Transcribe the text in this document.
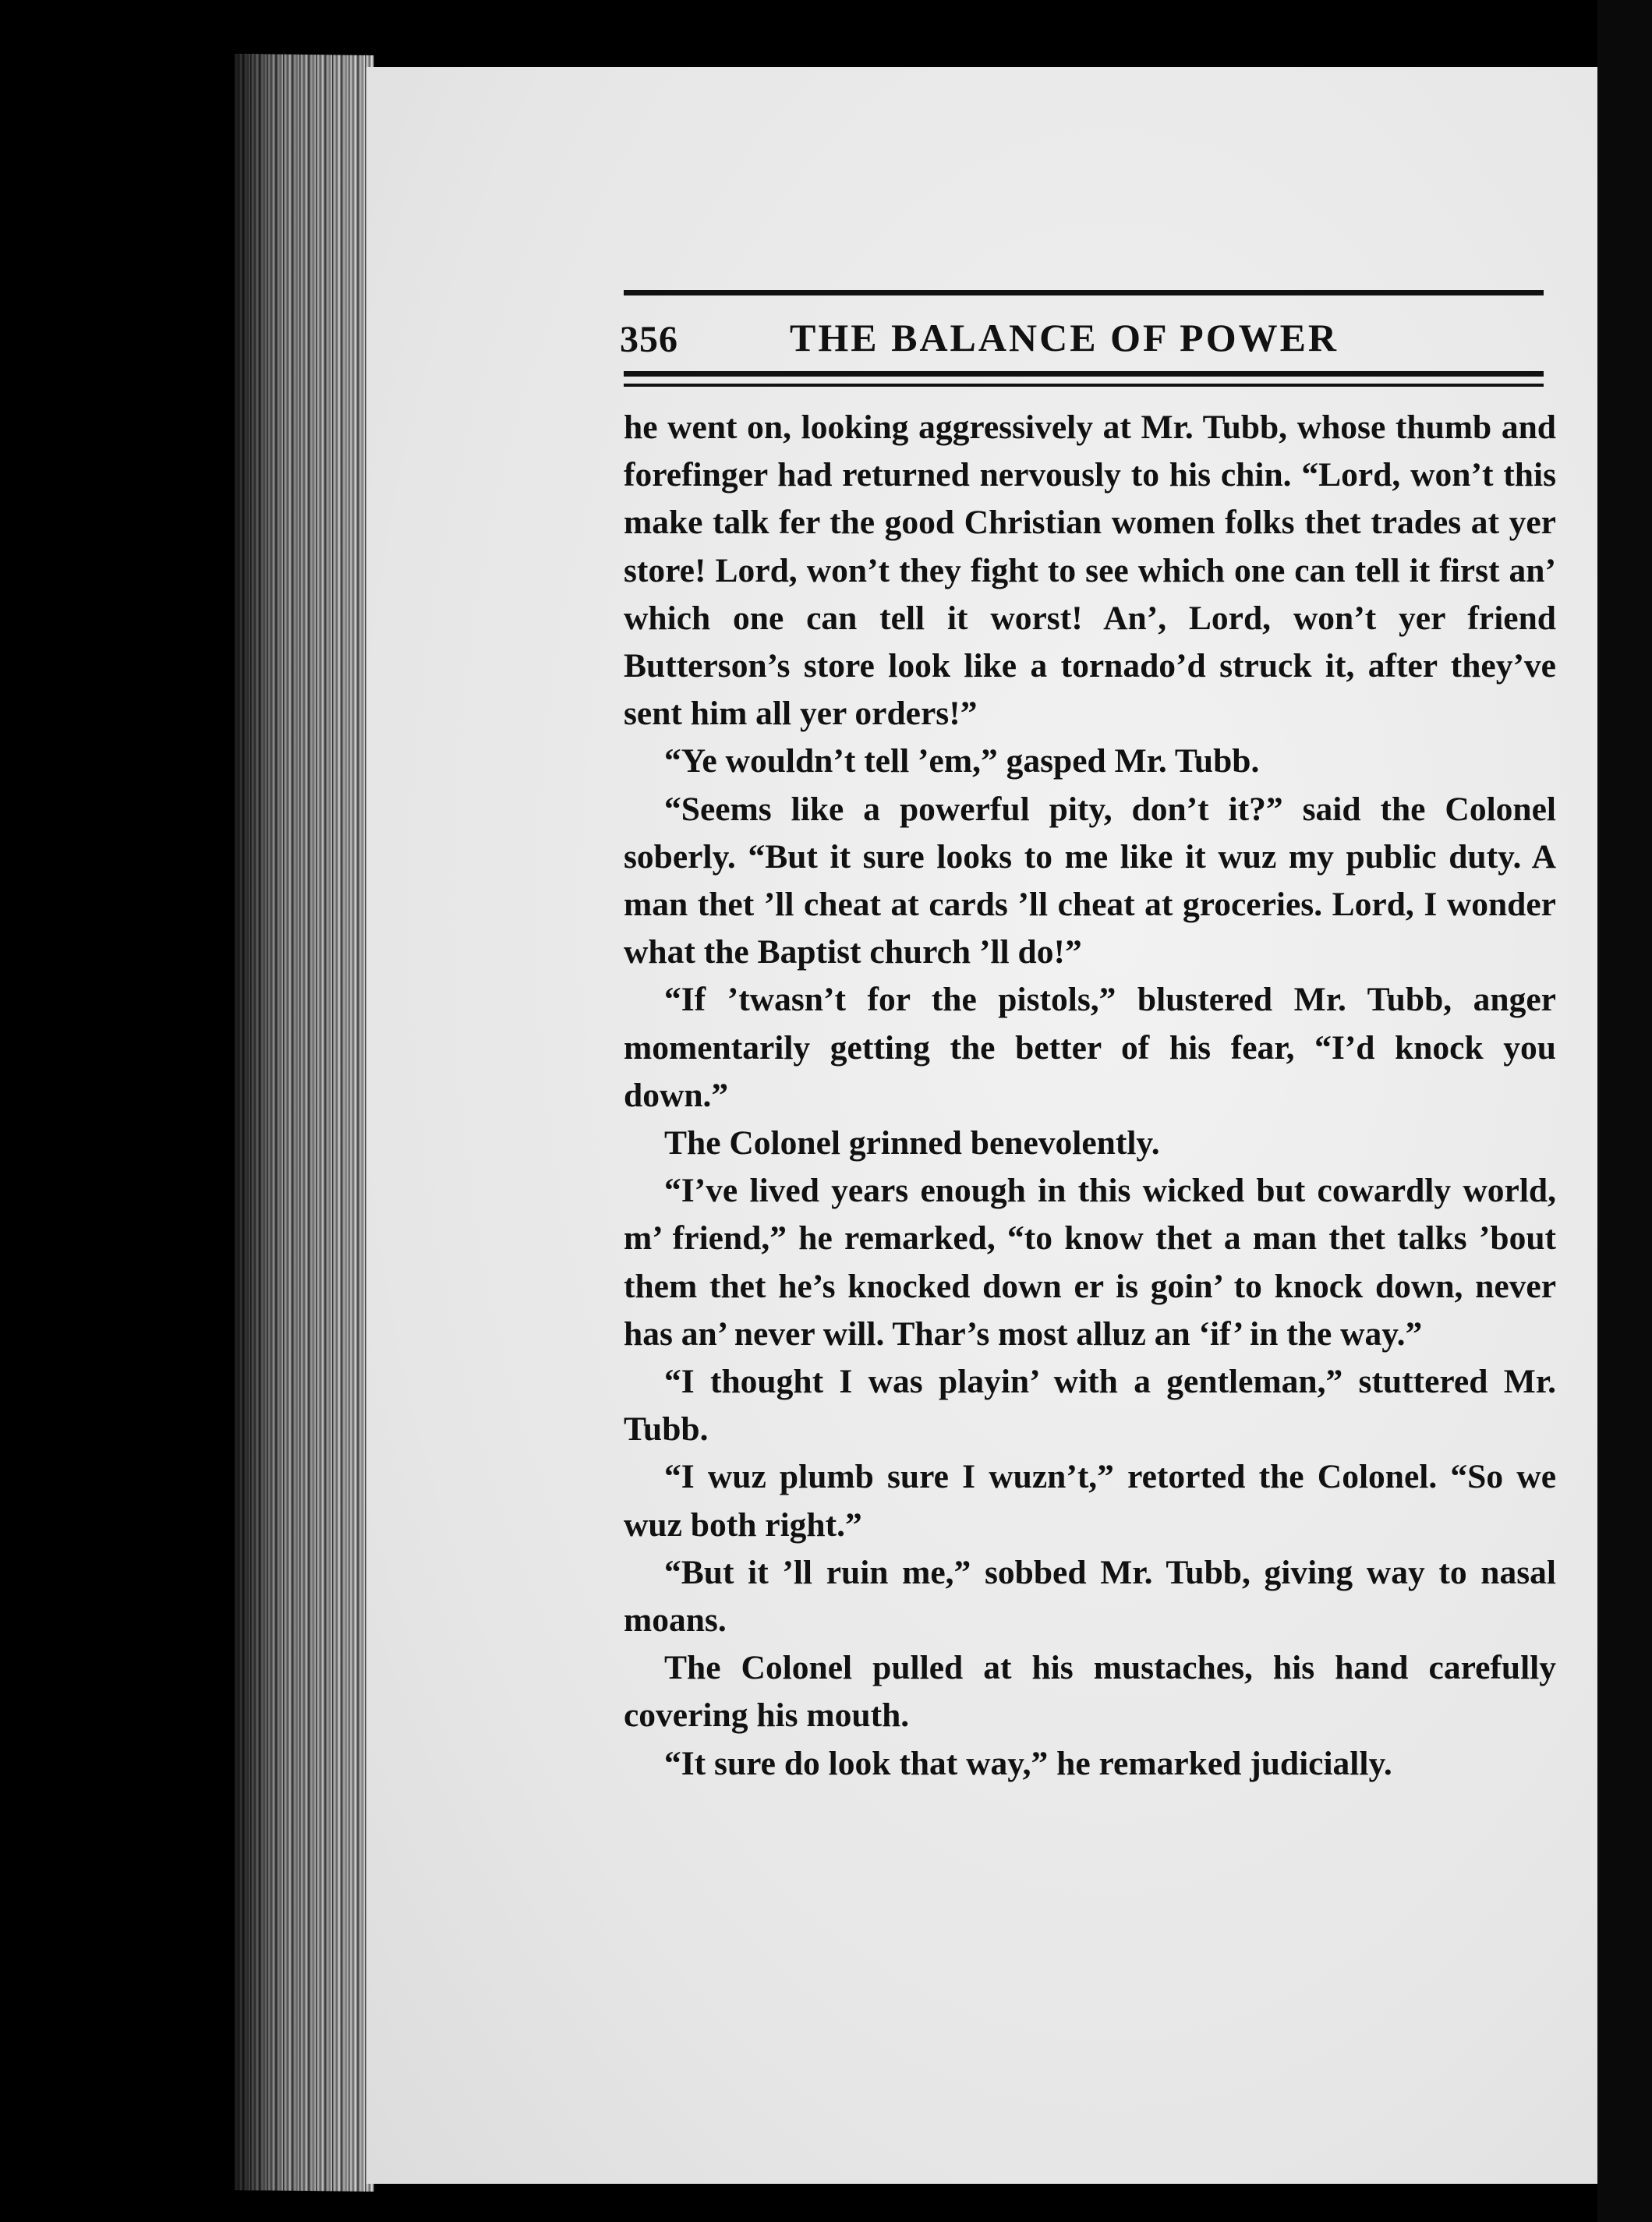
356	THE BALANCE OF POWER

he went on, looking aggressively at Mr. Tubb, whose thumb and forefinger had returned nervously to his chin. “Lord, won’t this make talk fer the good Christian women folks thet trades at yer store! Lord, won’t they fight to see which one can tell it first an’ which one can tell it worst! An’, Lord, won’t yer friend Butterson’s store look like a tornado’d struck it, after they’ve sent him all yer orders!”

“Ye wouldn’t tell ’em,” gasped Mr. Tubb.

“Seems like a powerful pity, don’t it?” said the Colonel soberly. “But it sure looks to me like it wuz my public duty. A man thet ’ll cheat at cards ’ll cheat at groceries. Lord, I wonder what the Baptist church ’ll do!”

“If ’twasn’t for the pistols,” blustered Mr. Tubb, anger momentarily getting the better of his fear, “I’d knock you down.”

The Colonel grinned benevolently.

“I’ve lived years enough in this wicked but cowardly world, m’ friend,” he remarked, “to know thet a man thet talks ’bout them thet he’s knocked down er is goin’ to knock down, never has an’ never will. Thar’s most alluz an ‘if’ in the way.”

“I thought I was playin’ with a gentleman,” stuttered Mr. Tubb.

“I wuz plumb sure I wuzn’t,” retorted the Colonel. “So we wuz both right.”

“But it ’ll ruin me,” sobbed Mr. Tubb, giving way to nasal moans.

The Colonel pulled at his mustaches, his hand carefully covering his mouth.

“It sure do look that way,” he remarked judicially.
